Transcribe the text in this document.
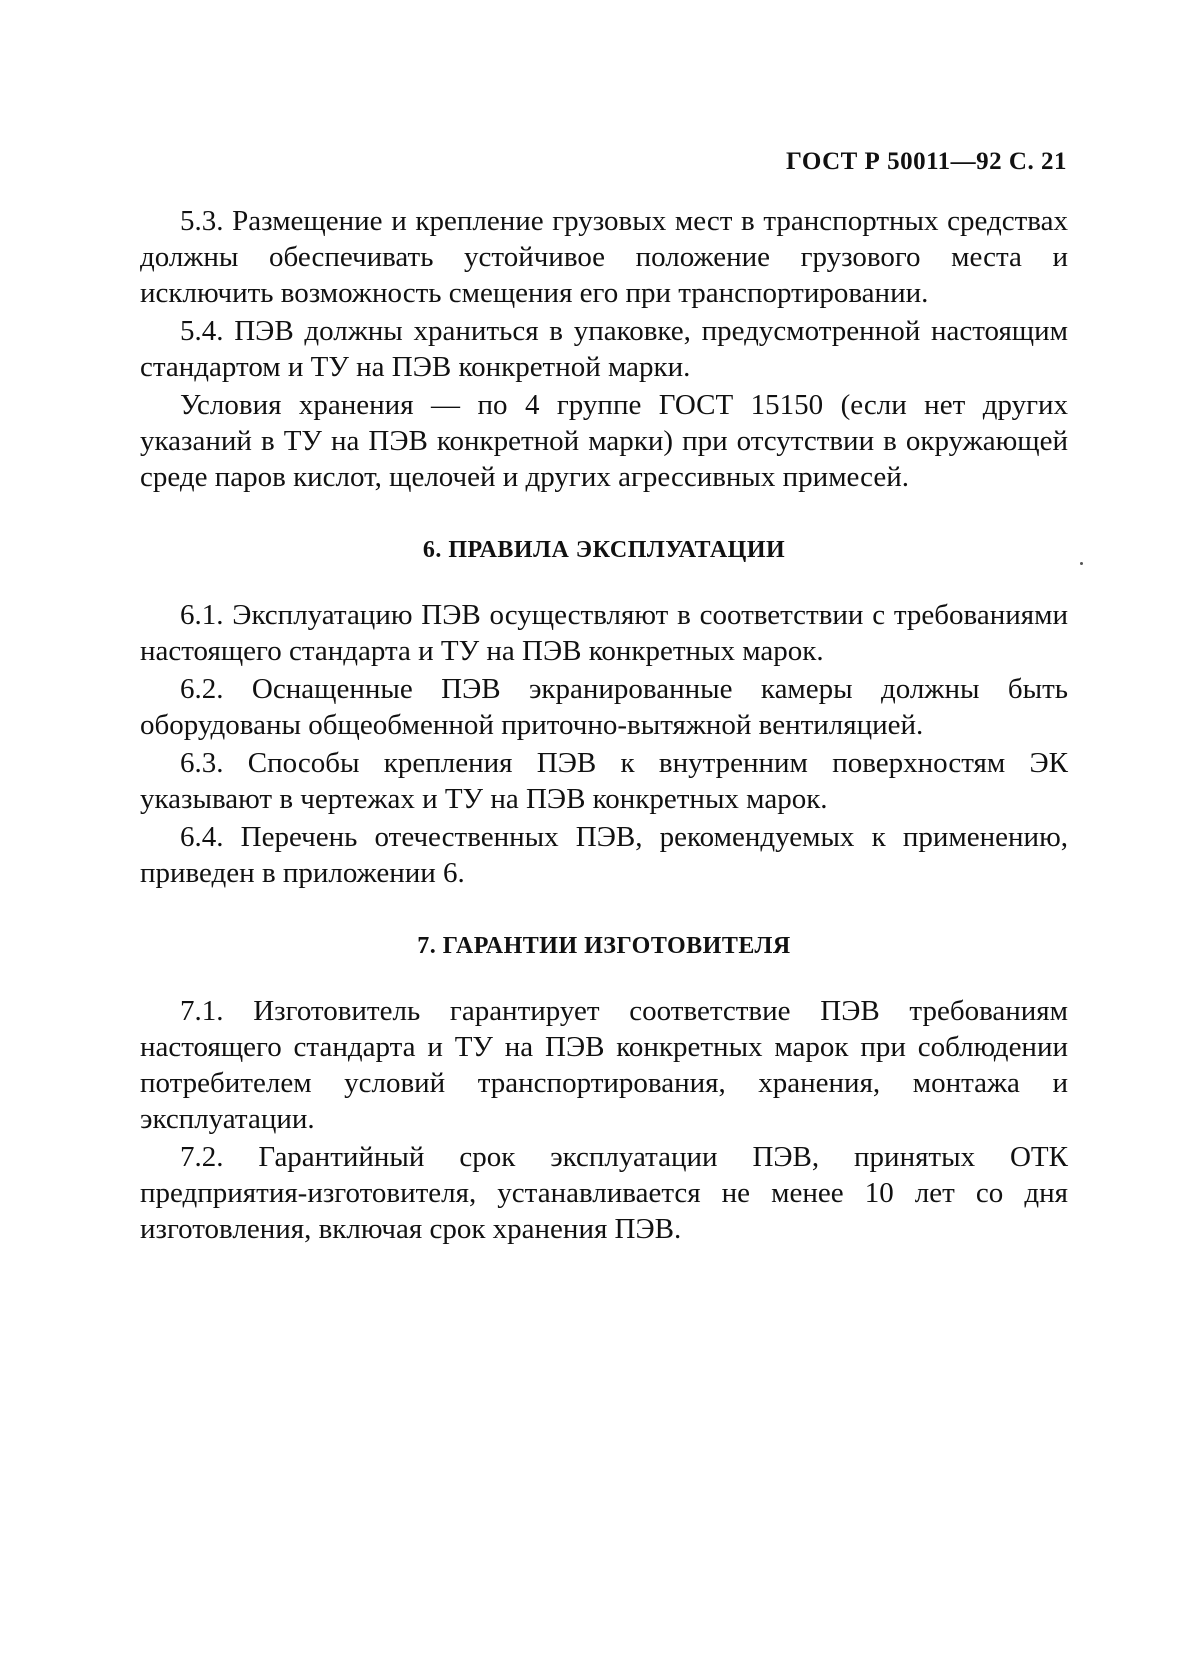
ГОСТ Р 50011—92 С. 21

5.3. Размещение и крепление грузовых мест в транспортных средствах должны обеспечивать устойчивое положение грузового места и исключить возможность смещения его при транспортировании.

5.4. ПЭВ должны храниться в упаковке, предусмотренной настоящим стандартом и ТУ на ПЭВ конкретной марки.

Условия хранения — по 4 группе ГОСТ 15150 (если нет других указаний в ТУ на ПЭВ конкретной марки) при отсутствии в окружающей среде паров кислот, щелочей и других агрессивных примесей.

6. ПРАВИЛА ЭКСПЛУАТАЦИИ

6.1. Эксплуатацию ПЭВ осуществляют в соответствии с требованиями настоящего стандарта и ТУ на ПЭВ конкретных марок.

6.2. Оснащенные ПЭВ экранированные камеры должны быть оборудованы общеобменной приточно-вытяжной вентиляцией.

6.3. Способы крепления ПЭВ к внутренним поверхностям ЭК указывают в чертежах и ТУ на ПЭВ конкретных марок.

6.4. Перечень отечественных ПЭВ, рекомендуемых к применению, приведен в приложении 6.

7. ГАРАНТИИ ИЗГОТОВИТЕЛЯ

7.1. Изготовитель гарантирует соответствие ПЭВ требованиям настоящего стандарта и ТУ на ПЭВ конкретных марок при соблюдении потребителем условий транспортирования, хранения, монтажа и эксплуатации.

7.2. Гарантийный срок эксплуатации ПЭВ, принятых ОТК предприятия-изготовителя, устанавливается не менее 10 лет со дня изготовления, включая срок хранения ПЭВ.
